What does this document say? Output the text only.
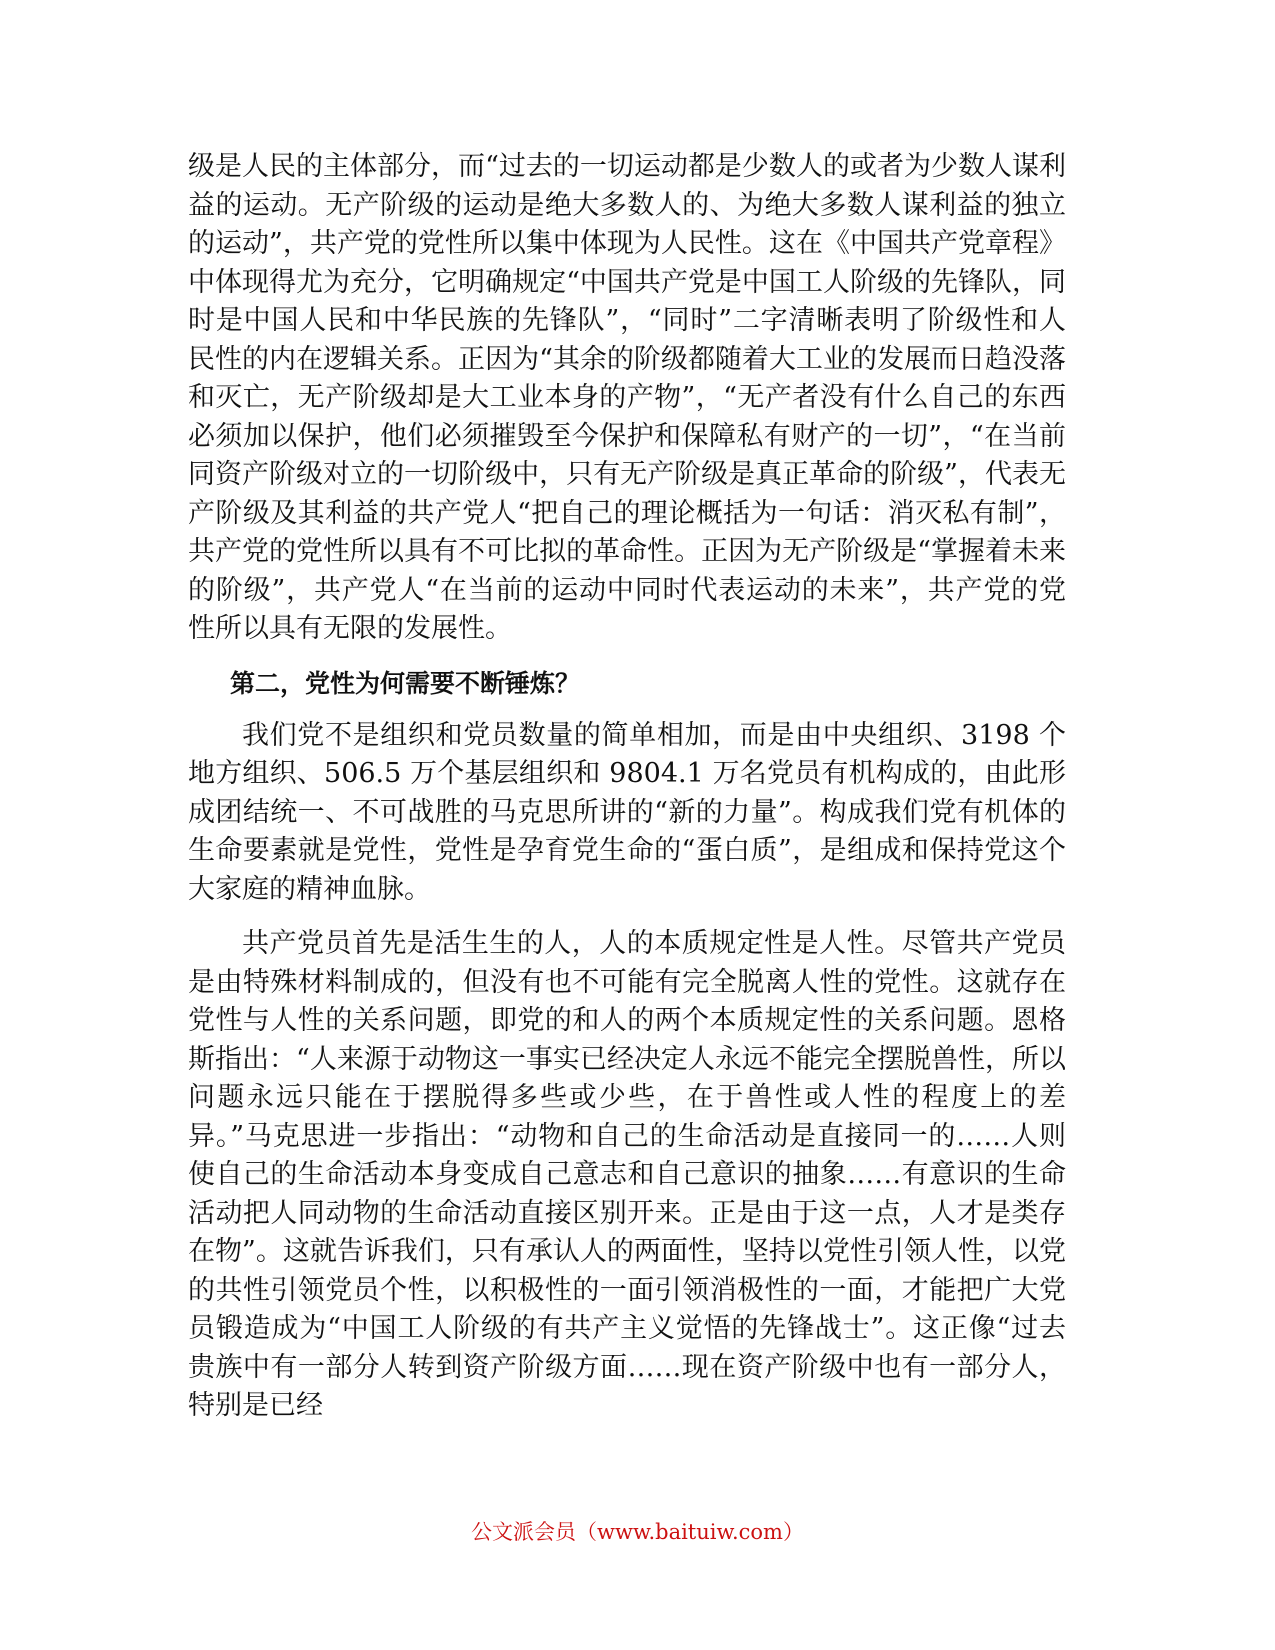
级是人民的主体部分，而“过去的一切运动都是少数人的或者为少数人谋利益的运动。无产阶级的运动是绝大多数人的、为绝大多数人谋利益的独立的运动”，共产党的党性所以集中体现为人民性。这在《中国共产党章程》中体现得尤为充分，它明确规定“中国共产党是中国工人阶级的先锋队，同时是中国人民和中华民族的先锋队”，“同时”二字清晰表明了阶级性和人民性的内在逻辑关系。正因为“其余的阶级都随着大工业的发展而日趋没落和灭亡，无产阶级却是大工业本身的产物”，“无产者没有什么自己的东西必须加以保护，他们必须摧毁至今保护和保障私有财产的一切”，“在当前同资产阶级对立的一切阶级中，只有无产阶级是真正革命的阶级”，代表无产阶级及其利益的共产党人“把自己的理论概括为一句话：消灭私有制”，共产党的党性所以具有不可比拟的革命性。正因为无产阶级是“掌握着未来的阶级”，共产党人“在当前的运动中同时代表运动的未来”，共产党的党性所以具有无限的发展性。

第二，党性为何需要不断锤炼？

我们党不是组织和党员数量的简单相加，而是由中央组织、3198 个地方组织、506.5 万个基层组织和 9804.1 万名党员有机构成的，由此形成团结统一、不可战胜的马克思所讲的“新的力量”。构成我们党有机体的生命要素就是党性，党性是孕育党生命的“蛋白质”，是组成和保持党这个大家庭的精神血脉。

共产党员首先是活生生的人，人的本质规定性是人性。尽管共产党员是由特殊材料制成的，但没有也不可能有完全脱离人性的党性。这就存在党性与人性的关系问题，即党的和人的两个本质规定性的关系问题。恩格斯指出：“人来源于动物这一事实已经决定人永远不能完全摆脱兽性，所以问题永远只能在于摆脱得多些或少些，在于兽性或人性的程度上的差异。”马克思进一步指出：“动物和自己的生命活动是直接同一的……人则使自己的生命活动本身变成自己意志和自己意识的抽象……有意识的生命活动把人同动物的生命活动直接区别开来。正是由于这一点，人才是类存在物”。这就告诉我们，只有承认人的两面性，坚持以党性引领人性，以党的共性引领党员个性，以积极性的一面引领消极性的一面，才能把广大党员锻造成为“中国工人阶级的有共产主义觉悟的先锋战士”。这正像“过去贵族中有一部分人转到资产阶级方面……现在资产阶级中也有一部分人，特别是已经

公文派会员（www.baituiw.com）
